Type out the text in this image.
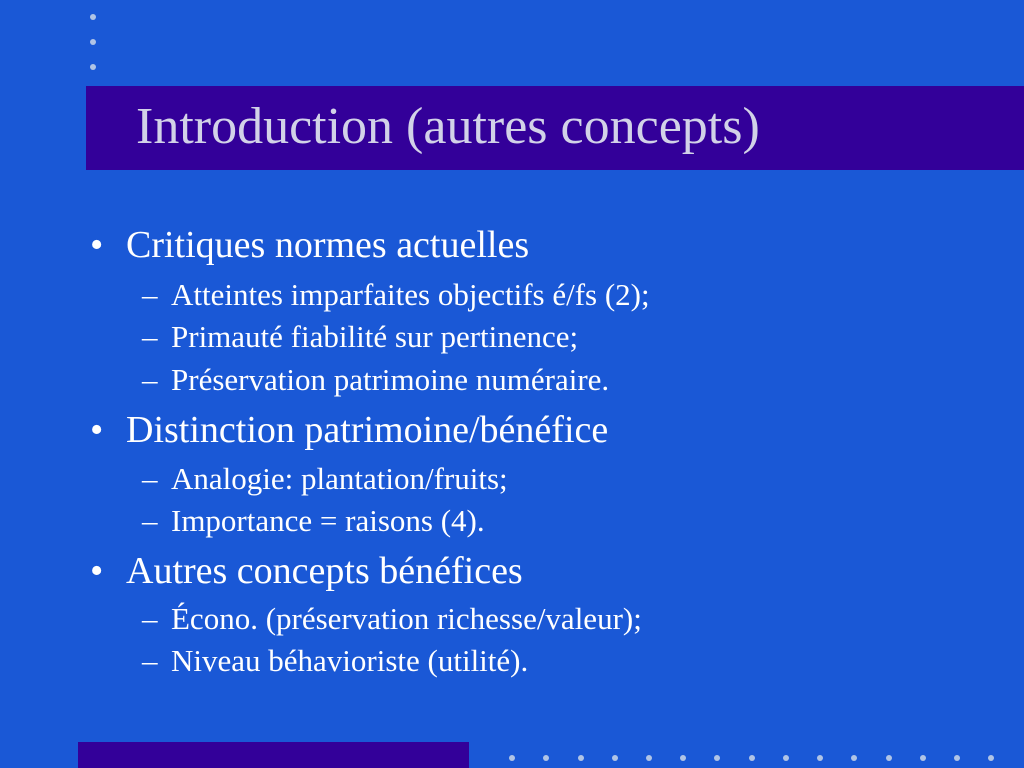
Introduction (autres concepts)
• Critiques normes actuelles
– Atteintes imparfaites objectifs é/fs (2);
– Primauté fiabilité sur pertinence;
– Préservation patrimoine numéraire.
• Distinction patrimoine/bénéfice
– Analogie: plantation/fruits;
– Importance = raisons (4).
• Autres concepts bénéfices
– Écono. (préservation richesse/valeur);
– Niveau béhavioriste (utilité).
